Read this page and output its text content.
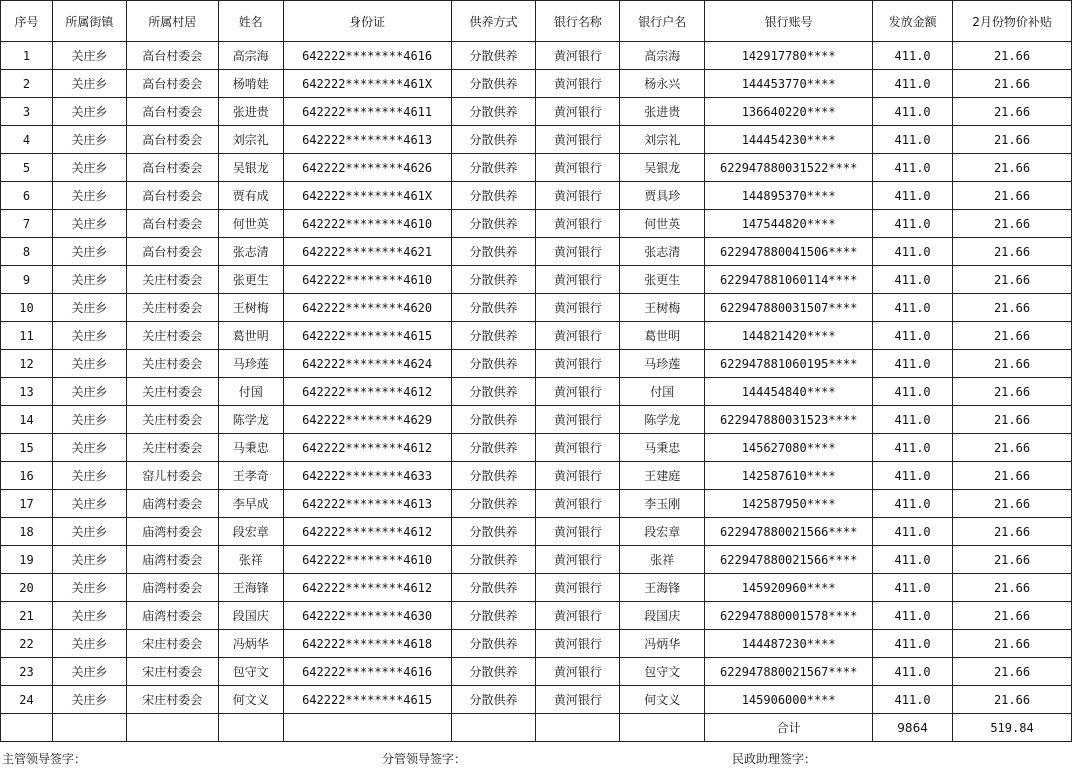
序号	所属街镇	所属村居	姓名	身份证	供养方式	银行名称	银行户名	银行账号	发放金额	2月份物价补贴
1	关庄乡	高台村委会	高宗海	642222********4616	分散供养	黄河银行	高宗海	142917780****	411.0	21.66
2	关庄乡	高台村委会	杨啃娃	642222********461X	分散供养	黄河银行	杨永兴	144453770****	411.0	21.66
3	关庄乡	高台村委会	张进贵	642222********4611	分散供养	黄河银行	张进贵	136640220****	411.0	21.66
4	关庄乡	高台村委会	刘宗礼	642222********4613	分散供养	黄河银行	刘宗礼	144454230****	411.0	21.66
5	关庄乡	高台村委会	吴银龙	642222********4626	分散供养	黄河银行	吴银龙	622947880031522****	411.0	21.66
6	关庄乡	高台村委会	贾有成	642222********461X	分散供养	黄河银行	贾具珍	144895370****	411.0	21.66
7	关庄乡	高台村委会	何世英	642222********4610	分散供养	黄河银行	何世英	147544820****	411.0	21.66
8	关庄乡	高台村委会	张志清	642222********4621	分散供养	黄河银行	张志清	622947880041506****	411.0	21.66
9	关庄乡	关庄村委会	张更生	642222********4610	分散供养	黄河银行	张更生	622947881060114****	411.0	21.66
10	关庄乡	关庄村委会	王树梅	642222********4620	分散供养	黄河银行	王树梅	622947880031507****	411.0	21.66
11	关庄乡	关庄村委会	葛世明	642222********4615	分散供养	黄河银行	葛世明	144821420****	411.0	21.66
12	关庄乡	关庄村委会	马珍莲	642222********4624	分散供养	黄河银行	马珍莲	622947881060195****	411.0	21.66
13	关庄乡	关庄村委会	付国	642222********4612	分散供养	黄河银行	付国	144454840****	411.0	21.66
14	关庄乡	关庄村委会	陈学龙	642222********4629	分散供养	黄河银行	陈学龙	622947880031523****	411.0	21.66
15	关庄乡	关庄村委会	马秉忠	642222********4612	分散供养	黄河银行	马秉忠	145627080****	411.0	21.66
16	关庄乡	窑儿村委会	王孝奇	642222********4633	分散供养	黄河银行	王建庭	142587610****	411.0	21.66
17	关庄乡	庙湾村委会	李早成	642222********4613	分散供养	黄河银行	李玉刚	142587950****	411.0	21.66
18	关庄乡	庙湾村委会	段宏章	642222********4612	分散供养	黄河银行	段宏章	622947880021566****	411.0	21.66
19	关庄乡	庙湾村委会	张祥	642222********4610	分散供养	黄河银行	张祥	622947880021566****	411.0	21.66
20	关庄乡	庙湾村委会	王海锋	642222********4612	分散供养	黄河银行	王海锋	145920960****	411.0	21.66
21	关庄乡	庙湾村委会	段国庆	642222********4630	分散供养	黄河银行	段国庆	622947880001578****	411.0	21.66
22	关庄乡	宋庄村委会	冯炳华	642222********4618	分散供养	黄河银行	冯炳华	144487230****	411.0	21.66
23	关庄乡	宋庄村委会	包守文	642222********4616	分散供养	黄河银行	包守文	622947880021567****	411.0	21.66
24	关庄乡	宋庄村委会	何文义	642222********4615	分散供养	黄河银行	何文义	145906000****	411.0	21.66
								合计	9864	519.84
主管领导签字：	分管领导签字：	民政助理签字：
